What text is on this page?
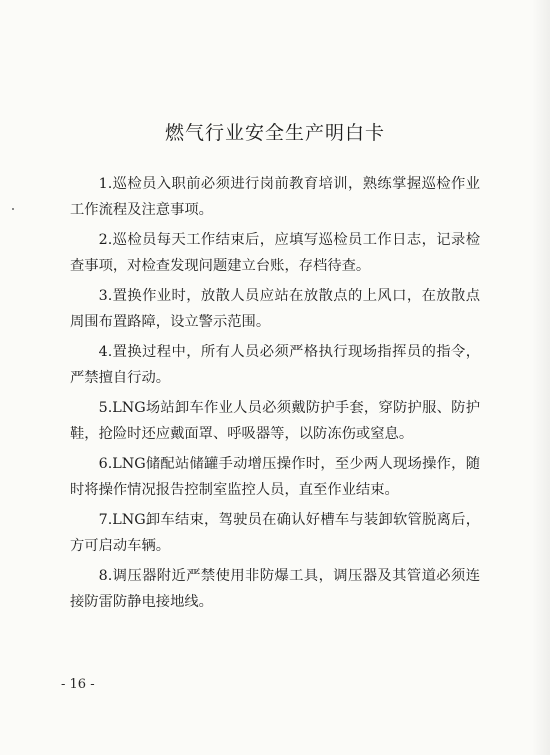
燃气行业安全生产明白卡

1.巡检员入职前必须进行岗前教育培训，熟练掌握巡检作业工作流程及注意事项。

2.巡检员每天工作结束后，应填写巡检员工作日志，记录检查事项，对检查发现问题建立台账，存档待查。

3.置换作业时，放散人员应站在放散点的上风口，在放散点周围布置路障，设立警示范围。

4.置换过程中，所有人员必须严格执行现场指挥员的指令，严禁擅自行动。

5.LNG场站卸车作业人员必须戴防护手套，穿防护服、防护鞋，抢险时还应戴面罩、呼吸器等，以防冻伤或窒息。

6.LNG储配站储罐手动增压操作时，至少两人现场操作，随时将操作情况报告控制室监控人员，直至作业结束。

7.LNG卸车结束，驾驶员在确认好槽车与装卸软管脱离后，方可启动车辆。

8.调压器附近严禁使用非防爆工具，调压器及其管道必须连接防雷防静电接地线。

- 16 -
